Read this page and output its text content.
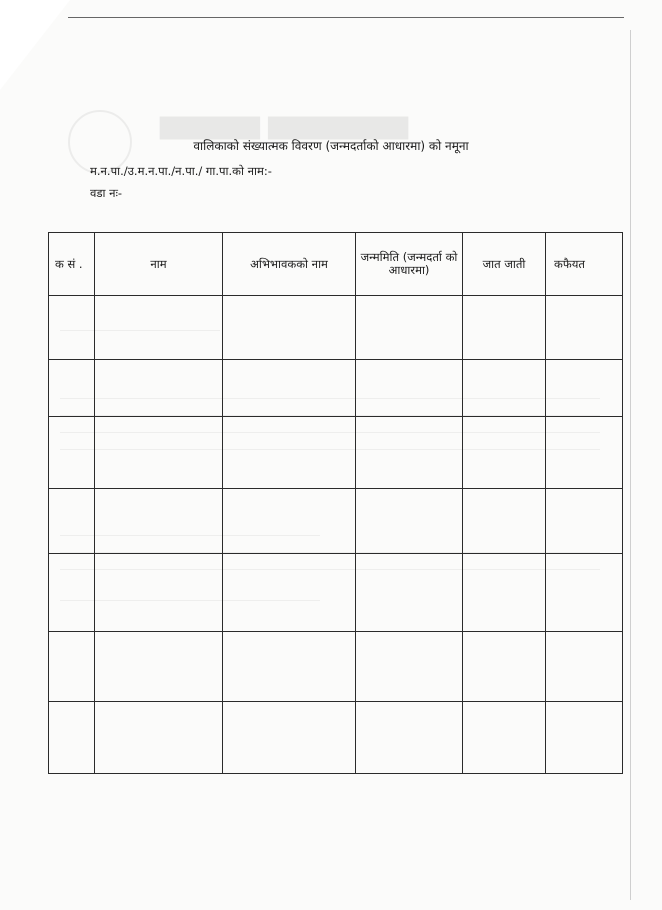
▆▆▆▆▆ ▆▆▆▆▆▆▆
वालिकाको संख्यात्मक विवरण (जन्मदर्ताको आधारमा) को नमूना
म.न.पा./उ.म.न.पा./न.पा./ गा.पा.को नाम:-
वडा नः-
क सं .	नाम	अभिभावकको नाम	जन्ममिति (जन्मदर्ता को आधारमा)	जात जाती	कफैयत
